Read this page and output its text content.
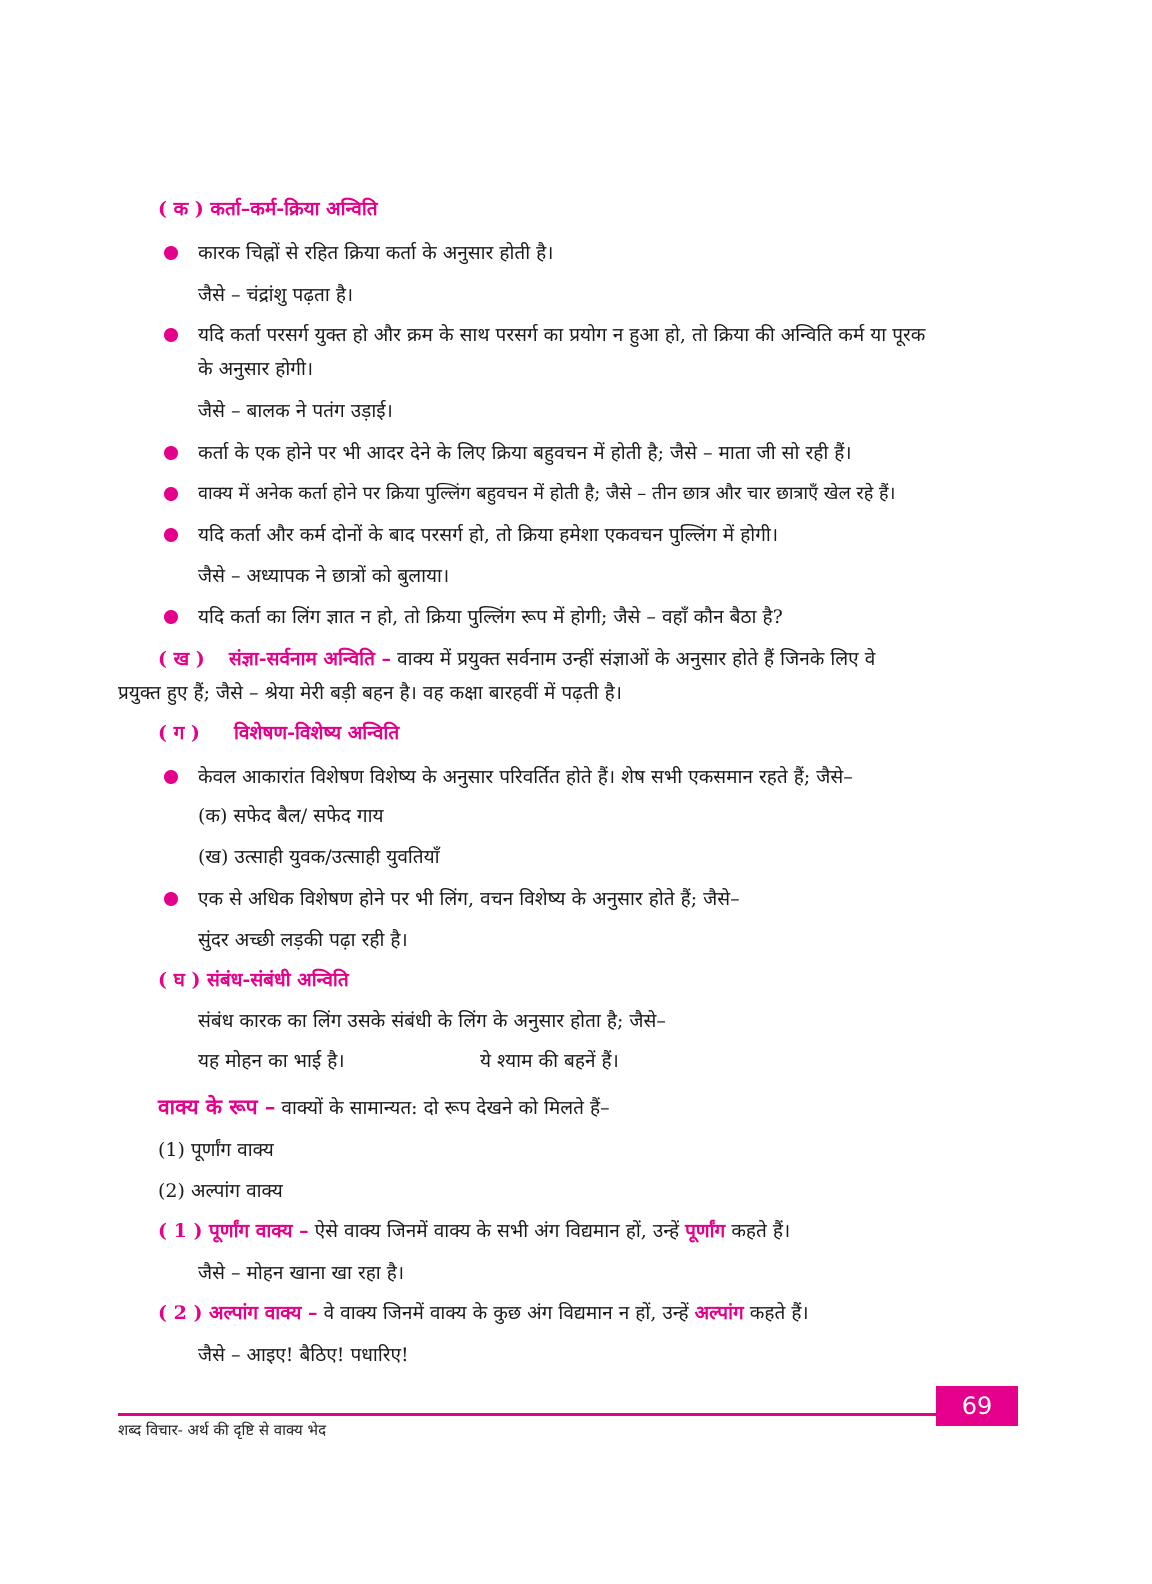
( क ) कर्ता–कर्म-क्रिया अन्विति
कारक चिह्नों से रहित क्रिया कर्ता के अनुसार होती है।
जैसे – चंद्रांशु पढ़ता है।
यदि कर्ता परसर्ग युक्त हो और क्रम के साथ परसर्ग का प्रयोग न हुआ हो, तो क्रिया की अन्विति कर्म या पूरक
के अनुसार होगी।
जैसे – बालक ने पतंग उड़ाई।
कर्ता के एक होने पर भी आदर देने के लिए क्रिया बहुवचन में होती है; जैसे – माता जी सो रही हैं।
वाक्य में अनेक कर्ता होने पर क्रिया पुल्लिंग बहुवचन में होती है; जैसे – तीन छात्र और चार छात्राएँ खेल रहे हैं।
यदि कर्ता और कर्म दोनों के बाद परसर्ग हो, तो क्रिया हमेशा एकवचन पुल्लिंग में होगी।
जैसे – अध्यापक ने छात्रों को बुलाया।
यदि कर्ता का लिंग ज्ञात न हो, तो क्रिया पुल्लिंग रूप में होगी; जैसे – वहाँ कौन बैठा है?
( ख ) संज्ञा-सर्वनाम अन्विति – वाक्य में प्रयुक्त सर्वनाम उन्हीं संज्ञाओं के अनुसार होते हैं जिनके लिए वे
प्रयुक्त हुए हैं; जैसे – श्रेया मेरी बड़ी बहन है। वह कक्षा बारहवीं में पढ़ती है।
( ग ) विशेषण-विशेष्य अन्विति
केवल आकारांत विशेषण विशेष्य के अनुसार परिवर्तित होते हैं। शेष सभी एकसमान रहते हैं; जैसे–
(क) सफेद बैल/ सफेद गाय
(ख) उत्साही युवक/उत्साही युवतियाँ
एक से अधिक विशेषण होने पर भी लिंग, वचन विशेष्य के अनुसार होते हैं; जैसे–
सुंदर अच्छी लड़की पढ़ा रही है।
( घ ) संबंध-संबंधी अन्विति
संबंध कारक का लिंग उसके संबंधी के लिंग के अनुसार होता है; जैसे–
यह मोहन का भाई है।	ये श्याम की बहनें हैं।
वाक्य के रूप – वाक्यों के सामान्यत: दो रूप देखने को मिलते हैं–
(1) पूर्णांग वाक्य
(2) अल्पांग वाक्य
( 1 ) पूर्णांग वाक्य – ऐसे वाक्य जिनमें वाक्य के सभी अंग विद्यमान हों, उन्हें पूर्णांग कहते हैं।
जैसे – मोहन खाना खा रहा है।
( 2 ) अल्पांग वाक्य – वे वाक्य जिनमें वाक्य के कुछ अंग विद्यमान न हों, उन्हें अल्पांग कहते हैं।
जैसे – आइए! बैठिए! पधारिए!
शब्द विचार- अर्थ की दृष्टि से वाक्य भेद
69
